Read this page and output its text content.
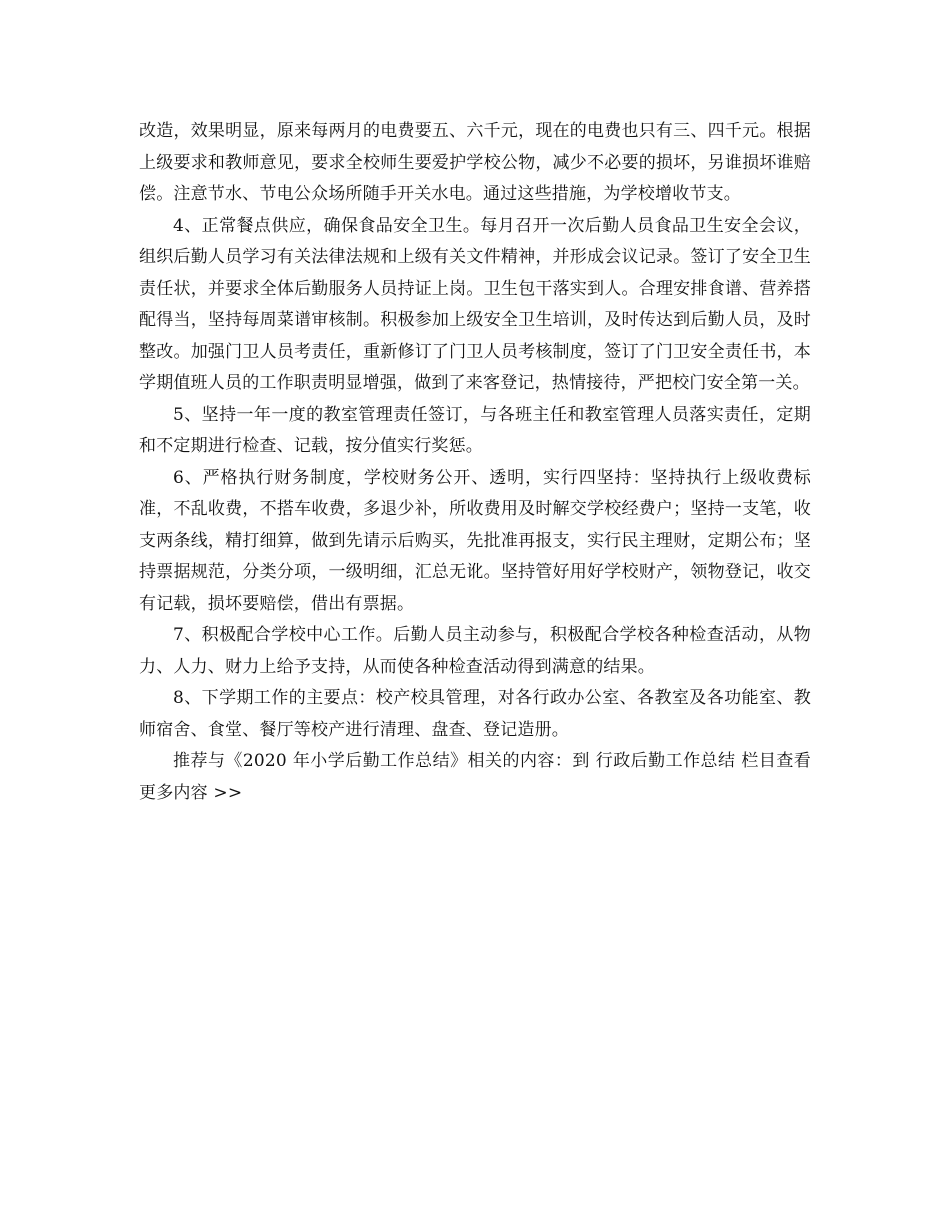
改造，效果明显，原来每两月的电费要五、六千元，现在的电费也只有三、四千元。根据上级要求和教师意见，要求全校师生要爱护学校公物，减少不必要的损坏，另谁损坏谁赔偿。注意节水、节电公众场所随手开关水电。通过这些措施，为学校增收节支。

4、正常餐点供应，确保食品安全卫生。每月召开一次后勤人员食品卫生安全会议，组织后勤人员学习有关法律法规和上级有关文件精神，并形成会议记录。签订了安全卫生责任状，并要求全体后勤服务人员持证上岗。卫生包干落实到人。合理安排食谱、营养搭配得当，坚持每周菜谱审核制。积极参加上级安全卫生培训，及时传达到后勤人员，及时整改。加强门卫人员考责任，重新修订了门卫人员考核制度，签订了门卫安全责任书，本学期值班人员的工作职责明显增强，做到了来客登记，热情接待，严把校门安全第一关。

5、坚持一年一度的教室管理责任签订，与各班主任和教室管理人员落实责任，定期和不定期进行检查、记载，按分值实行奖惩。

6、严格执行财务制度，学校财务公开、透明，实行四坚持：坚持执行上级收费标准，不乱收费，不搭车收费，多退少补，所收费用及时解交学校经费户；坚持一支笔，收支两条线，精打细算，做到先请示后购买，先批准再报支，实行民主理财，定期公布；坚持票据规范，分类分项，一级明细，汇总无讹。坚持管好用好学校财产，领物登记，收交有记载，损坏要赔偿，借出有票据。

7、积极配合学校中心工作。后勤人员主动参与，积极配合学校各种检查活动，从物力、人力、财力上给予支持，从而使各种检查活动得到满意的结果。

8、下学期工作的主要点：校产校具管理，对各行政办公室、各教室及各功能室、教师宿舍、食堂、餐厅等校产进行清理、盘查、登记造册。

推荐与《2020 年小学后勤工作总结》相关的内容：到 行政后勤工作总结 栏目查看更多内容 >>
